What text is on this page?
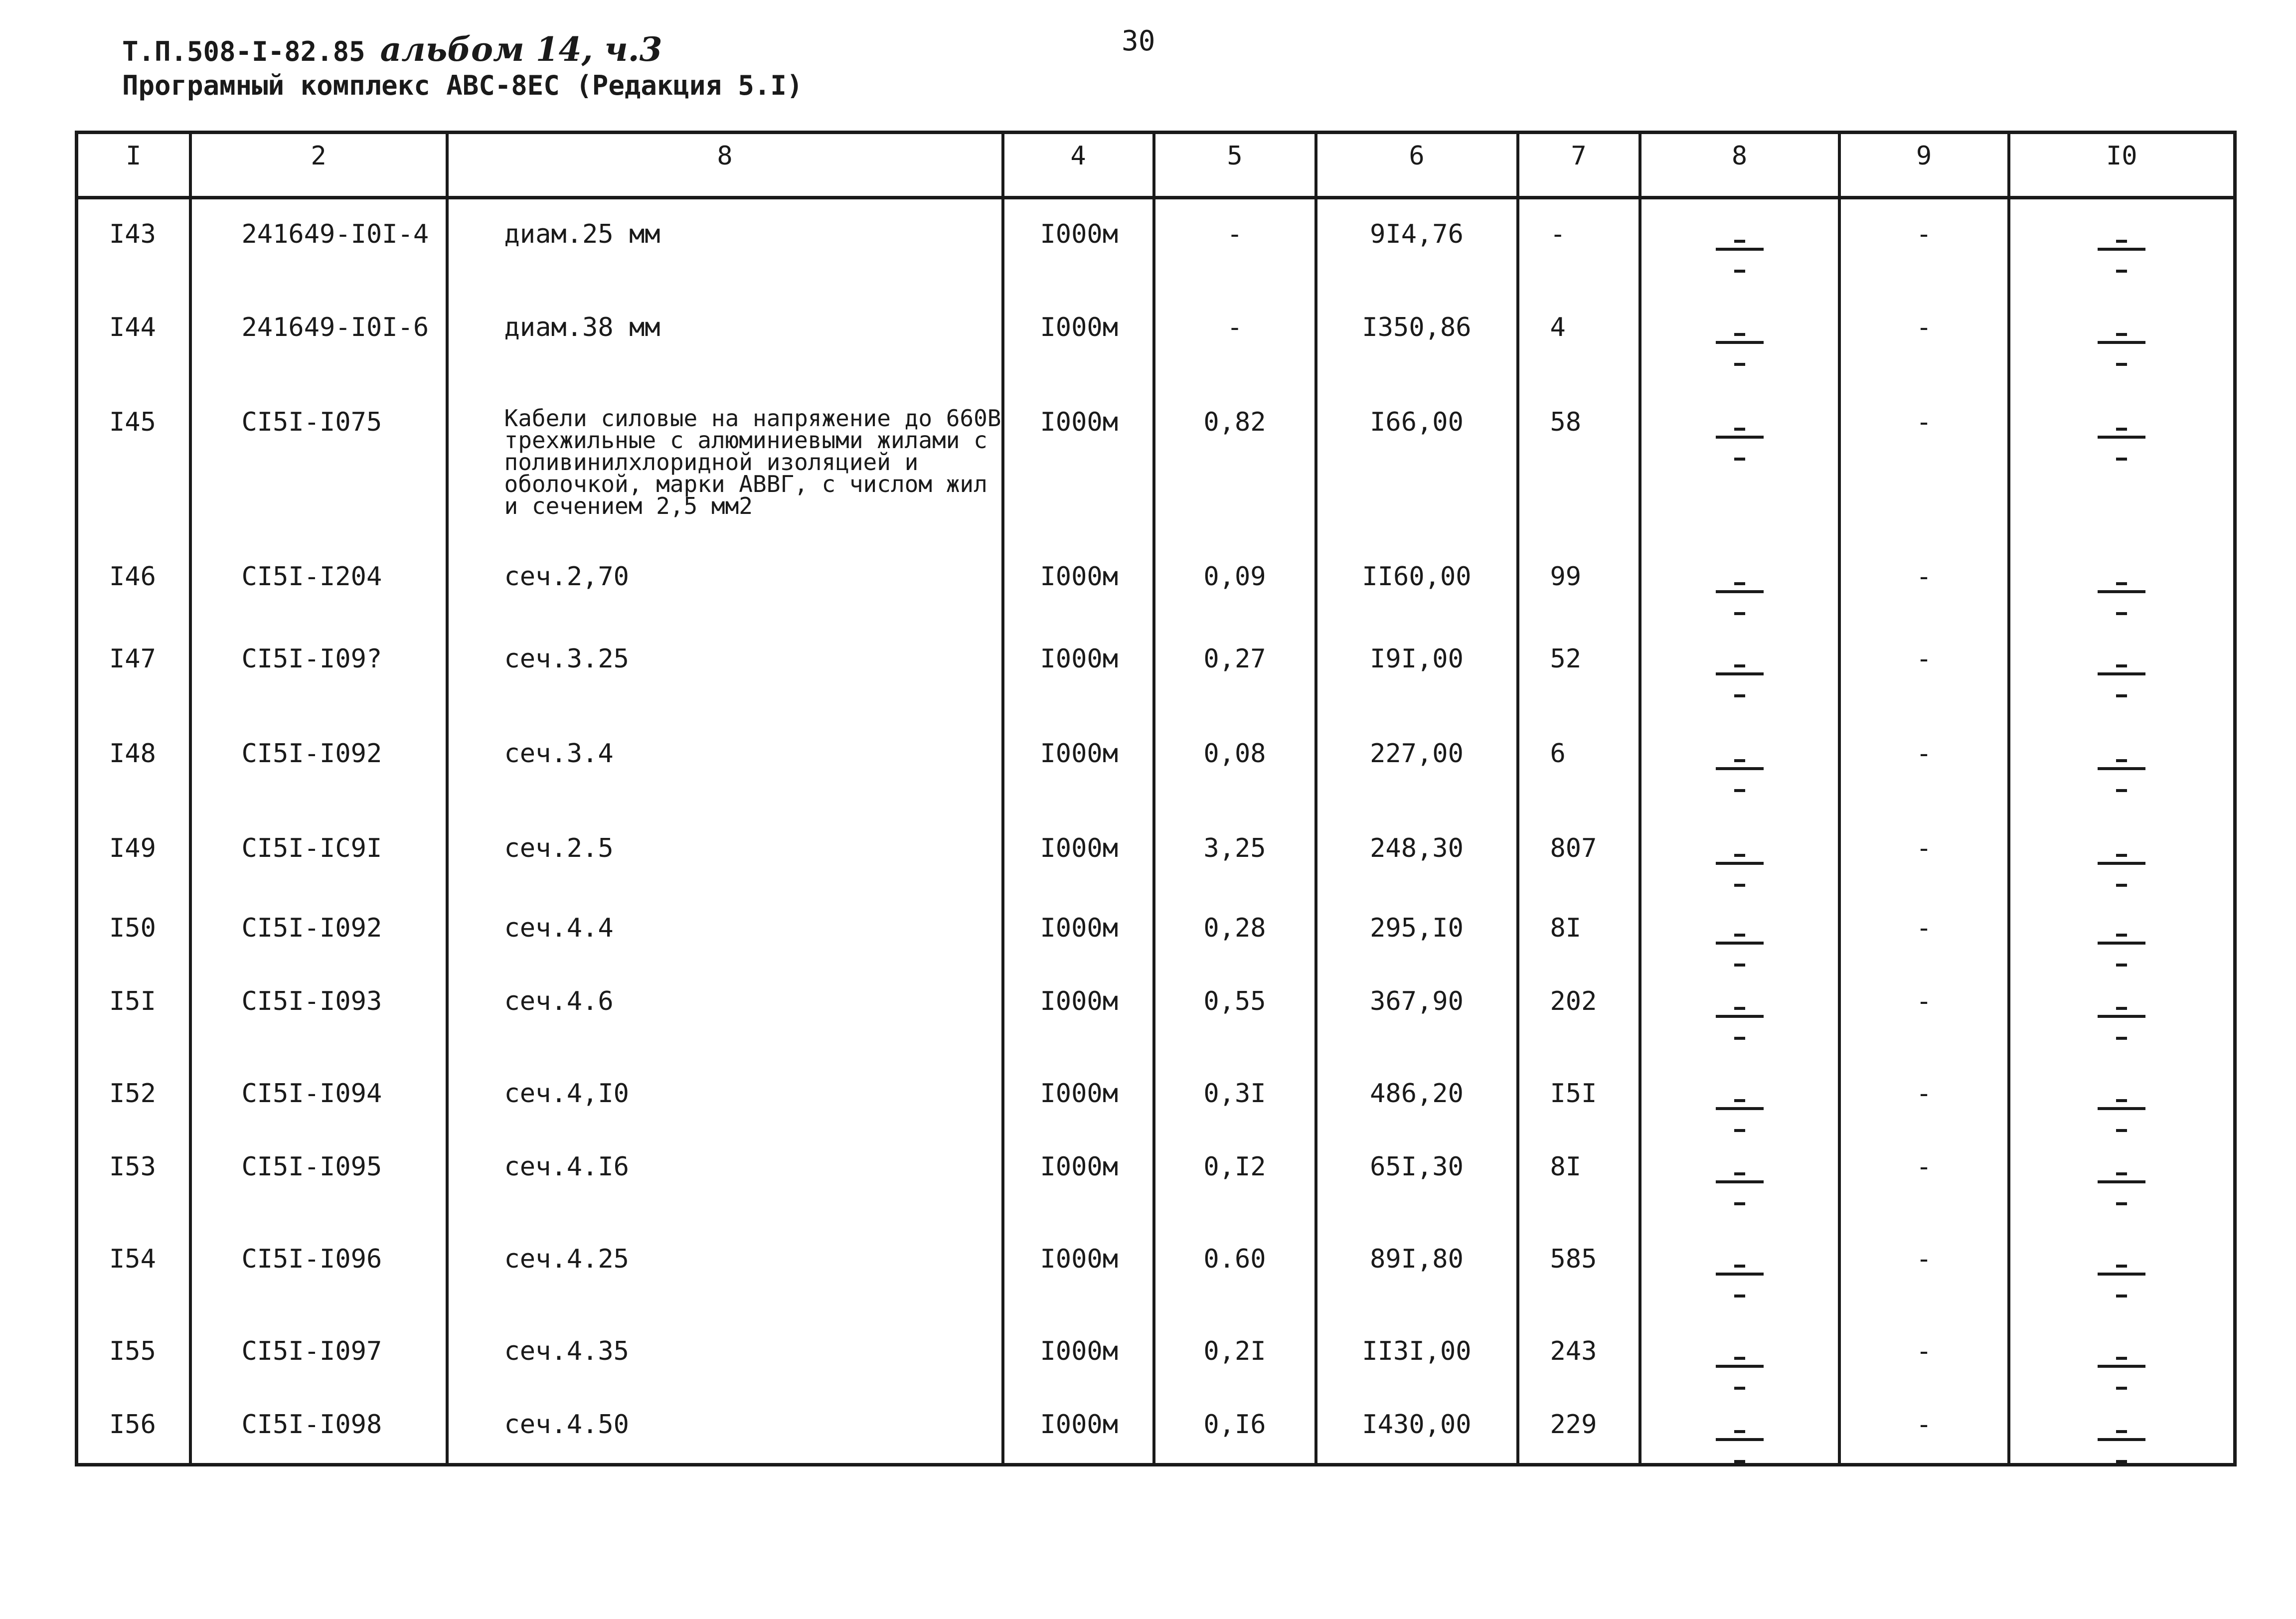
Т.П.508-I-82.85 альбом 14, ч.3
Програмный комплекс АВС-8ЕС (Редакция 5.I)
30
I	2	8	4	5	6	7	8	9	I0
I43	241649-I0I-4	диам.25 мм	I000м	-	9I4,76	-		-	

I44	241649-I0I-6	диам.38 мм	I000м	-	I350,86	4		-	

I45	CI5I-I075	Кабели силовые на напряжение до 660В трехжильные с алюминиевыми жилами с поливинилхлоридной изоляцией и оболочкой, марки АВВГ, с числом жил и сечением 2,5 мм2	I000м	0,82	I66,00	58		-	

I46	CI5I-I204	сеч.2,70	I000м	0,09	II60,00	99		-	

I47	CI5I-I09?	сеч.3.25	I000м	0,27	I9I,00	52		-	

I48	CI5I-I092	сеч.3.4	I000м	0,08	227,00	6		-	

I49	CI5I-IC9I	сеч.2.5	I000м	3,25	248,30	807		-	

I50	CI5I-I092	сеч.4.4	I000м	0,28	295,I0	8I		-	

I5I	CI5I-I093	сеч.4.6	I000м	0,55	367,90	202		-	

I52	CI5I-I094	сеч.4,I0	I000м	0,3I	486,20	I5I		-	

I53	CI5I-I095	сеч.4.I6	I000м	0,I2	65I,30	8I		-	

I54	CI5I-I096	сеч.4.25	I000м	0.60	89I,80	585		-	

I55	CI5I-I097	сеч.4.35	I000м	0,2I	II3I,00	243		-	

I56	CI5I-I098	сеч.4.50	I000м	0,I6	I430,00	229		-	
